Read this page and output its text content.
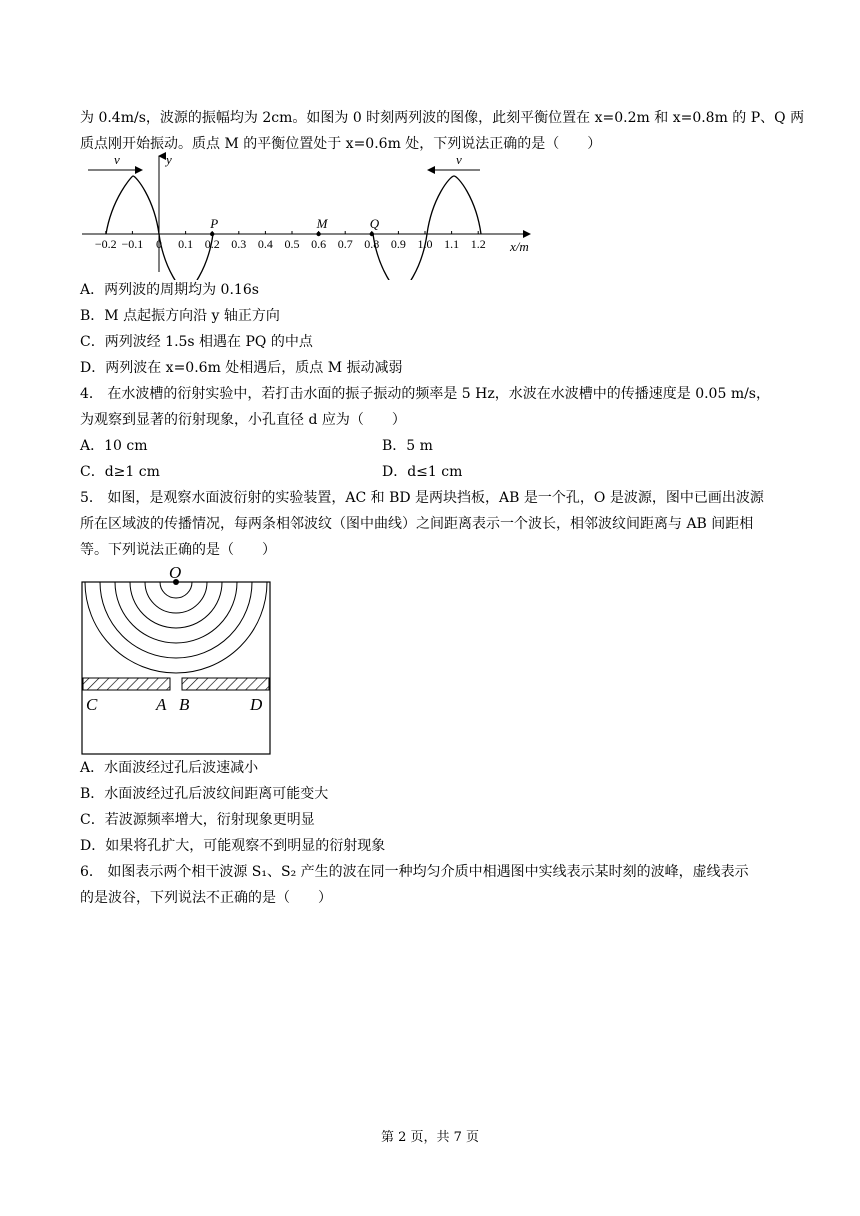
为 0.4m/s，波源的振幅均为 2cm。如图为 0 时刻两列波的图像，此刻平衡位置在 x=0.2m 和 x=0.8m 的 P、Q 两
质点刚开始振动。质点 M 的平衡位置处于 x=0.6m 处，下列说法正确的是（　　）
y
x/m
v	v
−0.2 −0.1 0 0.1 0.2 0.3 0.4 0.5 0.6 0.7 0.8 0.9 1.0 1.1 1.2
P	M	Q
A．两列波的周期均为 0.16s
B．M 点起振方向沿 y 轴正方向
C．两列波经 1.5s 相遇在 PQ 的中点
D．两列波在 x=0.6m 处相遇后，质点 M 振动减弱
4． 在水波槽的衍射实验中，若打击水面的振子振动的频率是 5 Hz，水波在水波槽中的传播速度是 0.05 m/s，
为观察到显著的衍射现象，小孔直径 d 应为（　　）
A．10 cm	B．5 m
C．d≥1 cm	D．d≤1 cm
5． 如图，是观察水面波衍射的实验装置，AC 和 BD 是两块挡板，AB 是一个孔，O 是波源，图中已画出波源
所在区域波的传播情况，每两条相邻波纹（图中曲线）之间距离表示一个波长，相邻波纹间距离与 AB 间距相
等。下列说法正确的是（　　）
O
C	A B	D
A．水面波经过孔后波速减小
B．水面波经过孔后波纹间距离可能变大
C．若波源频率增大，衍射现象更明显
D．如果将孔扩大，可能观察不到明显的衍射现象
6． 如图表示两个相干波源 S₁、S₂ 产生的波在同一种均匀介质中相遇图中实线表示某时刻的波峰，虚线表示
的是波谷，下列说法不正确的是（　　）
第 2 页，共 7 页
